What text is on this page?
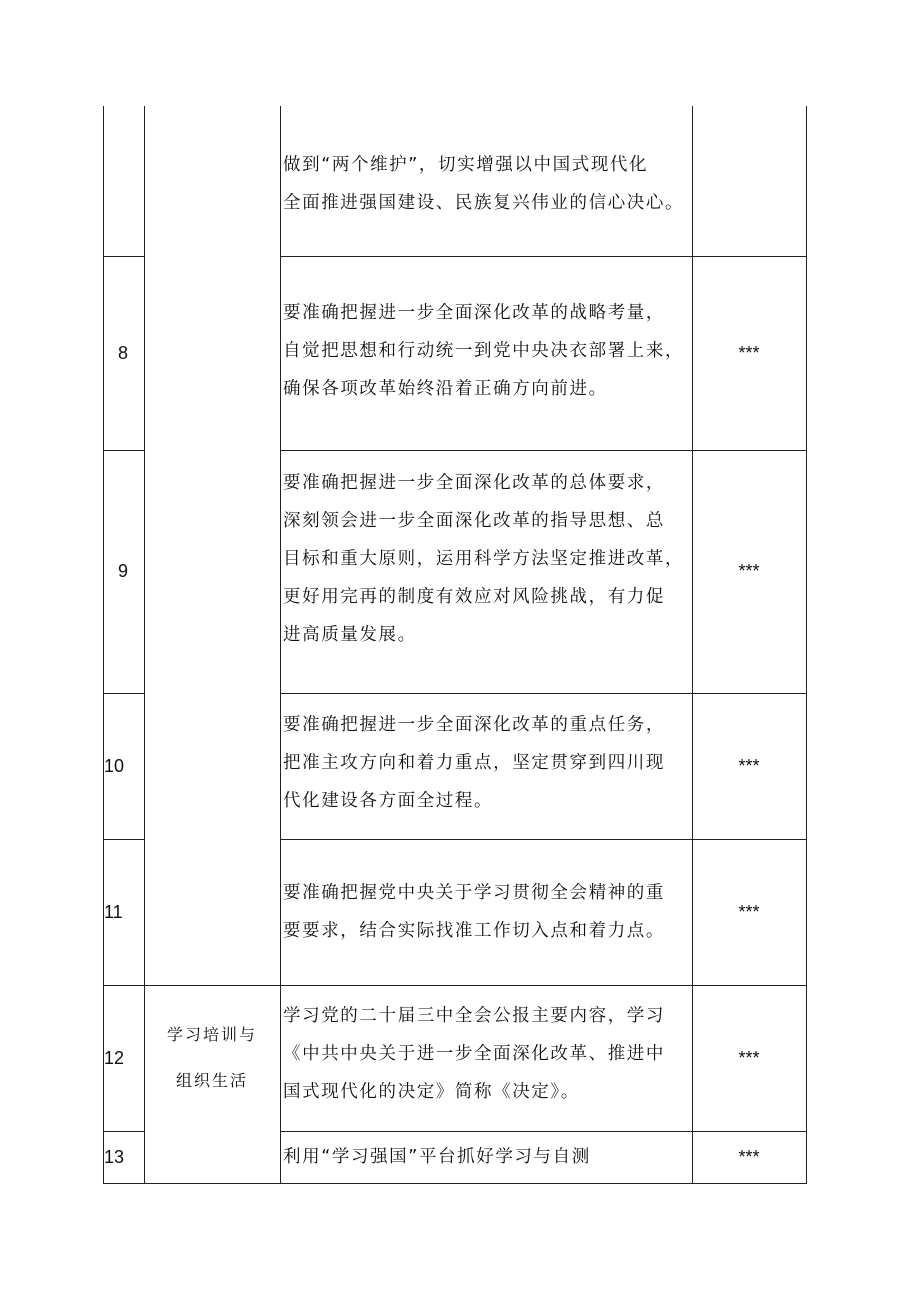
做到“两个维护”，切实增强以中国式现代化
全面推进强国建设、民族复兴伟业的信心决心。
8
要准确把握进一步全面深化改革的战略考量，
自觉把思想和行动统一到党中央决衣部署上来，
确保各项改革始终沿着正确方向前进。
***
9
要准确把握进一步全面深化改革的总体要求，
深刻领会进一步全面深化改革的指导思想、总
目标和重大原则，运用科学方法坚定推进改革，
更好用完再的制度有效应对风险挑战，有力促
进高质量发展。
***
10
要准确把握进一步全面深化改革的重点任务，
把准主攻方向和着力重点，坚定贯穿到四川现
代化建设各方面全过程。
***
11
要准确把握党中央关于学习贯彻全会精神的重
要要求，结合实际找准工作切入点和着力点。
***
学习培训与
组织生活
12
学习党的二十届三中全会公报主要内容，学习
《中共中央关于进一步全面深化改革、推进中
国式现代化的决定》简称《决定》。
***
13	利用“学习强国”平台抓好学习与自测	***
